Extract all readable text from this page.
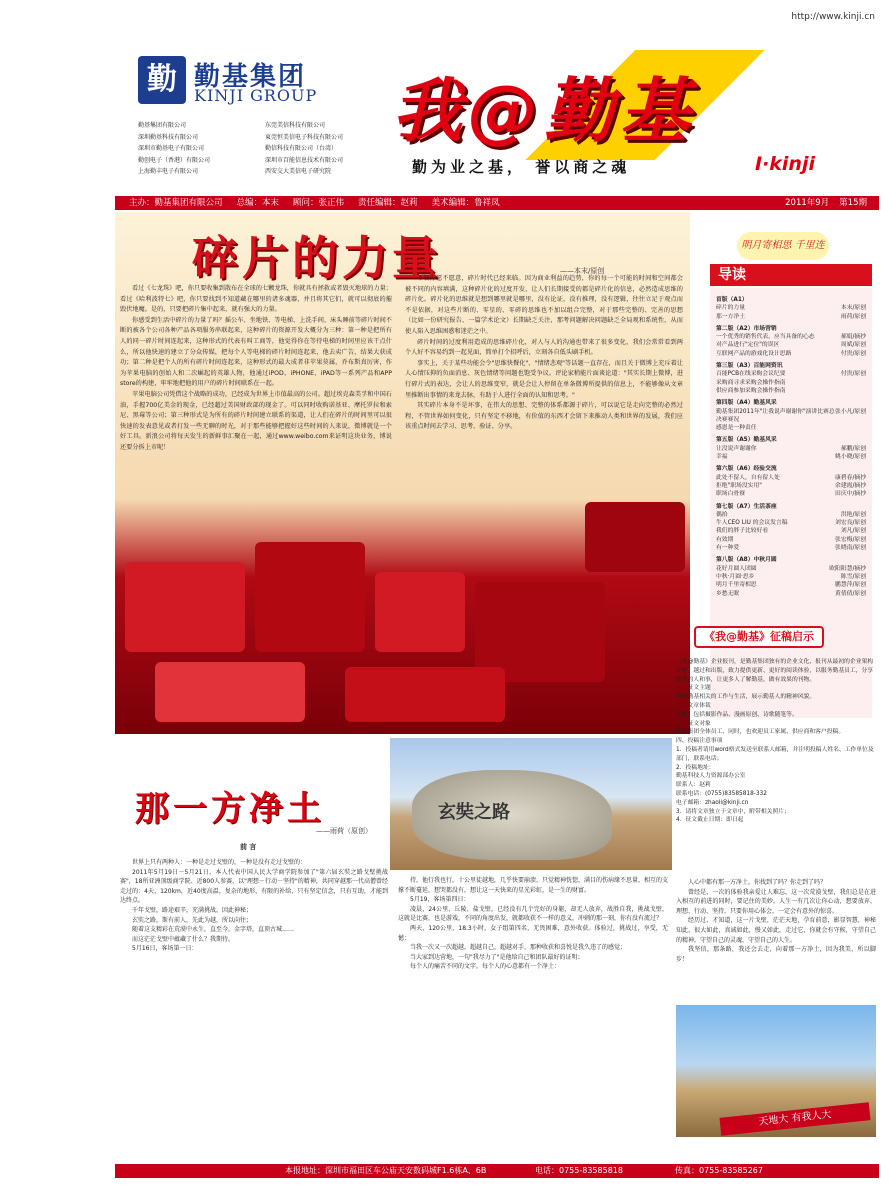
http://www.kinji.cn
勤 勤基集团
KINJI GROUP
勤基集团有限公司	东莞美信科技有限公司
深圳勤基科技有限公司	東莞恒美信电子科技有限公司
深圳市勤基电子有限公司	勤信科技有限公司（台湾）
勤创电子（香港）有限公司	深圳市百能信息技术有限公司
上海勤丰电子有限公司	西安交大美信电子研究院
我@勤基
勤为业之基， 誉以商之魂	I·kinji
主办：勤基集团有限公司 总编：本末 顾问：张正伟 责任编辑：赵莉 美术编辑：鲁祥凤	2011年9月 第15期
碎片的力量	——本末/原创

看过《七龙珠》吧，你只要收集到散布在全球的七颗龙珠，你就具有拯救或者毁灭地球的力量；看过《哈利波特七》吧，你只要找到不知道藏在哪里的诸多魂器，并且将其它们，就可以彻底的摧毁伏地魔。是的，只要把碎片集中起来，就有强大的力量。

你感受到生活中碎片的力量了吗？摇公车、坐地铁、等电梯、上洗手间、床头睡前等碎片时间不断的被各个公司各种产品各项服务串联起来，这种碎片的资源开发大概分为三种：第一种是把所有人的同一碎片时间连起来，这种形式的代表有叫工商等，他觉得你在等待电梯的时间里应该干点什么，所以他快速的建立了分众传媒，把每个人等电梯的碎片时间连起来，他去卖广告，结果大获成功；第二种是把个人的所有碎片时间连起来，这种形式的最大成者非苹果莫属，乔布斯真厉害，作为苹果电脑的创始人和二次崛起的英雄人物，他通过iPOD、iPHONE、iPAD等一系列产品和APP store的构建，牢牢地把他的用户的碎片时间联系在一起。

苹果电脑公司凭借这个战略的成功，已经成为世界上市值最高的公司。超过埃克森美孚和中国石油，手握700亿美金的现金，已经超过美国财政部的现金了。可以同时收购诺基亚、摩托罗拉和索尼、黑莓等公司；第三种形式是为所有的碎片时间建立联系的渠道，让人们在碎片的时间里可以很快速的发表意见或者打发一些无聊的时光，对于那些能够把握好这些时间的人来说，微博就是一个好工具。新浪公司将每天发生的新鲜事汇聚在一起，通过www.weibo.com来证明这块业务，博说还要分拆上市呢！

不管你愿不愿意，碎片时代已经来临。因为商业利益的趋势，你的每一个可能的时间和空间都会被不同的内容填满，这种碎片化的过度开发，让人们长期接受的都是碎片化的信息，必然造成思维的碎片化。碎片化的思维就是想到哪里就是哪里，没有论证，没有推理，没有逻辑，往往立足于观点而不是依据，对这些片断的、零星的、零碎的思维也不加以组合完整，对于那些完整的、完善的思想（比如一份研究报告、一篇学术论文）长期缺乏关注，那考问题解决问题缺乏全局观和系统性，从而使人陷入思维困惑和迷茫之中。

碎片时间的过度利用造成的思维碎片化，对人与人的沟通也带来了很多变化，我们会常常看到两个人好不容易约到一起见面，简单打个招呼后，立刻各自低头刷手机。

事实上，关于某些功能会令"思维快餐化"、"情绪悲观"等话题一直存在，而且关于微博上充斥着让人心情压抑的负面消息、灰色情绪等问题也饱受争议。评论家稍能片面谈论道："其实长期上微博，进行碎片式的表达，会让人的思维变窄，就是会让人停留在单条微博所提供的信息上，不能够像从文章里推断出事情的来龙去脉，有助于人进行全面的认知和思考。"

其实碎片本身不是坏事，在伟大的思想、完整的体系都源于碎片，可以说它是走向完整的必然过程，不管世界如何变化，只有坚定不移地，有价值的东西才会留下来推动人类和世界的发展，我们应该重点时间去学习、思考、验证、分享。

明月寄相思 千里连
导读
首版（A1）
碎片的力量	本末/原创
那一方净土	雨荷/原创
第二版（A2）市场营销
一个优秀的销售代表，应当具备的心态	郝娟/摘抄
对产品进行"定位"的误区	周斌/原创
互联网产品的游戏化设计思路	付贵/原创
第三版（A3）百能网资讯
百能PCB在线采购会议纪要	付贵/原创
采购商寻求采购会操作指南
供应商参加采购会操作指南
第四版（A4）勤基风采
勤基集团2011年"让我说声谢谢你"演讲比赛总决赛赛况
张小凡/原创
感恩是一种责任
第五版（A5）勤基风采
让没说声谢谢你	郝鹏/原创
幸福	姚小晓/原创
第六版（A6）经验交流
此处不留人，自有留人处	康碧春/摘抄
拒绝"职场没实用"	余建霞/摘抄
职场白骨寮	田庆中/摘抄
第七版（A7）生活茶座
偶拾	洪艳/原创
牛人CEO LIU 的会议发言稿	刘宏良/原创
我们的胖子比较好看	刘凡/原创
有效期	张宏梅/原创
有一种爱	张晓南/原创
第八版（A8）中秋月圆
花好月圆人团圆	欧阳阳慧/摘抄
中秋·月圆·思乡	陈雪/原创
明月千里寄相思	鹏慧萍/原创
乡愁无眠	黄倩倩/原创
《我@勤基》征稿启示

《我@勤基》企业报刊，是勤基集团独有的企业文化、报刊从最初的企业架构刊物，越过和出版，致力提供更新、更好的阅读体验，以服务勤基员工，分享勤基的人和事，让更多人了解勤基，做有效果的刊物。

一、征文主题

围绕勤基相关的工作与生活，展示勤基人的精神风貌。

二、文章体裁

不限，包括摄影作品、漫画原创、诗歌随笔等。

三、征文对象

勤基集团全体员工，同时，也欢迎员工家属、供应商和客户投稿。

四、投稿注意事项

1．投稿者请用word格式发送至联系人邮箱，并注明投稿人姓名、工作单位及部门，联系电话；

2．投稿地址：

勤基科技人力资源部办公室

联系人：赵莉

联系电话：(0755)83585818-332

电子邮箱：zhaoli@kinji.cn

3．请将文章独立于文章中，附带相关照片；

4．征文截止日期：即日起

玄奘之路
那一方净土
——雨荷（原创）
前 言

世界上只有两种人：一种是走过戈壁的，一种是没有走过戈壁的：

2011年5月19日－5月21日，本人代表中国人民大学商学院参加了"第六届玄奘之路戈壁挑战赛"，18所亚洲顶级商学院、近800人参赛，以"理想－行动－坚持"的精神，共同穿越那一代高僧曾经走过的：4天，120km，近40度高温，复杂的地形，有限的补给，只有坚定信念，只有互助，才能到达终点。

千年戈壁，路途艰辛，充满挑战，因此神秘；

玄奘之路，斯有前人，先此为越，所以向往；

随着这支精彩在荒漠中永生，直至今，金字塔，直顶古城……

而这茫茫戈壁中蕴藏了什么？我期待。

5月16日，客场第一日：

持，他行我也行，十公里徒越地，几乎快要崩溃，只觉精神恍惚，满目的伤病缘不思量，相互的支撑不断蔓延，想哭都没有，想让这一天快来的星光彩虹，是一生的财富。

5月19，客场第四日：

凌晨，24公里，丘陵、盐戈壁，已经没有几个完好的身躯，却无人放弃，战胜自我，挑战戈壁，这就是比赛，也是游戏，不同的角度出发，就都收获不一样的意义，冲刺的那一刻，你有没有流过？

两天，120公里，18.3小时，女子组第四名，无畏困难，意外收获。体验过，挑战过，享受，无憾：

当我一次又一次超越，超越自己，超越对手，那种收获和喜悦是我久违了的感觉；

当大家到达营地，一句"我尽力了"是他给自己和团队最好的证明；

每个人的痛苦不同的文字，每个人的心意都有一个净土：

人心中都有那一方净土，你找到了吗？你走到了吗？

曾经是，一次的体验我亲爱让人难忘，这一次荒漠戈壁，我们总是在进入相互的前进的同时，要记住的美妙，人生一有几次让你心动，想要放弃，理想、行动、坚持，只要你用心体会，一定会有意外的惊喜。

经历过，才知道，这一片戈壁，茫茫天地，孕育前意，影显智慧，神秘知此，很大如此，真诚如此，慢又如此，走过它，你就会有守候，守望自己的精神，守望自己的灵魂，守望自己的人生。

我坚信，那条路，我还会去走，向着那一方净土，因为我美，所以脚步！

天地大 有我人大
本报地址：深圳市福田区车公庙天安数码城F1.6栋A、6B	电话：0755-83585818	传真：0755-83585267
